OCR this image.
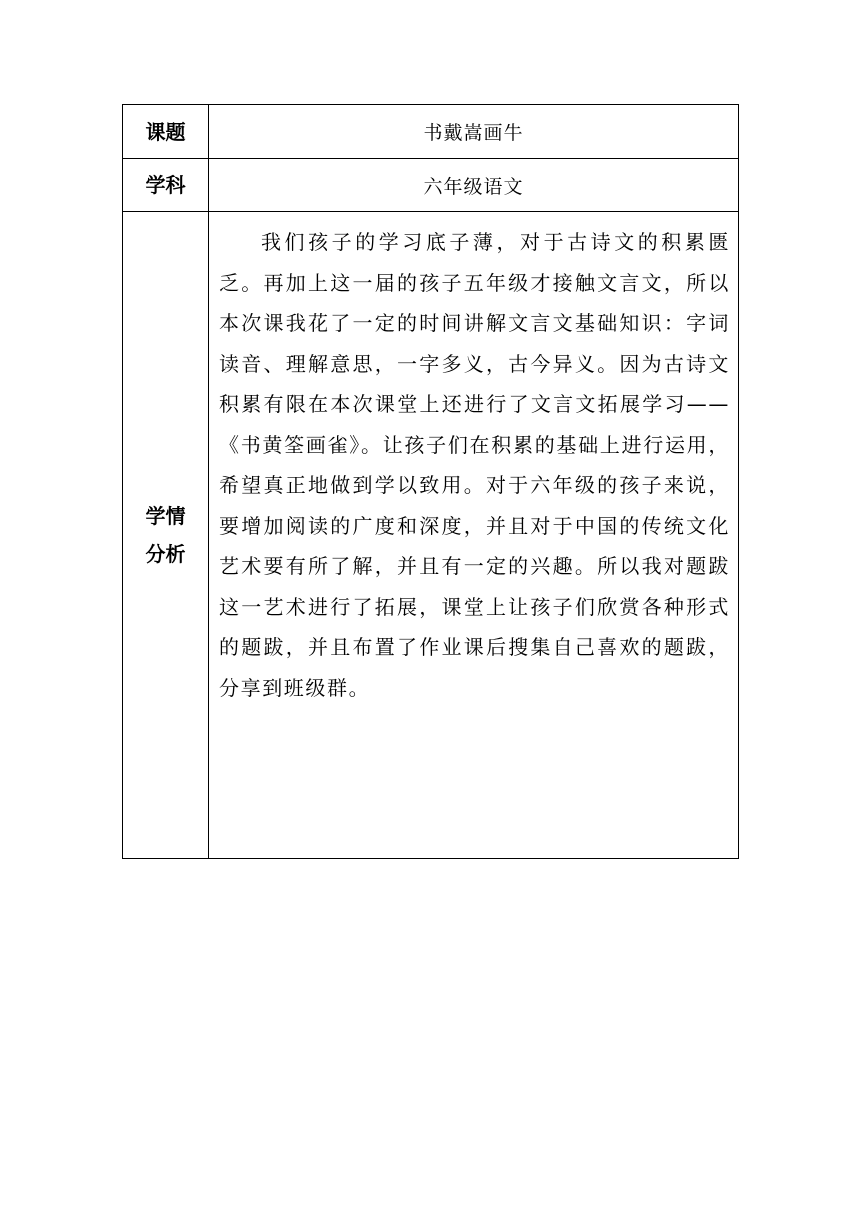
课题	书戴嵩画牛

学科	六年级语文

学情
分析	我们孩子的学习底子薄，对于古诗文的积累匮乏。再加上这一届的孩子五年级才接触文言文，所以本次课我花了一定的时间讲解文言文基础知识：字词读音、理解意思，一字多义，古今异义。因为古诗文积累有限在本次课堂上还进行了文言文拓展学习——《书黄筌画雀》。让孩子们在积累的基础上进行运用，希望真正地做到学以致用。对于六年级的孩子来说，要增加阅读的广度和深度，并且对于中国的传统文化艺术要有所了解，并且有一定的兴趣。所以我对题跋这一艺术进行了拓展，课堂上让孩子们欣赏各种形式的题跋，并且布置了作业课后搜集自己喜欢的题跋，分享到班级群。
